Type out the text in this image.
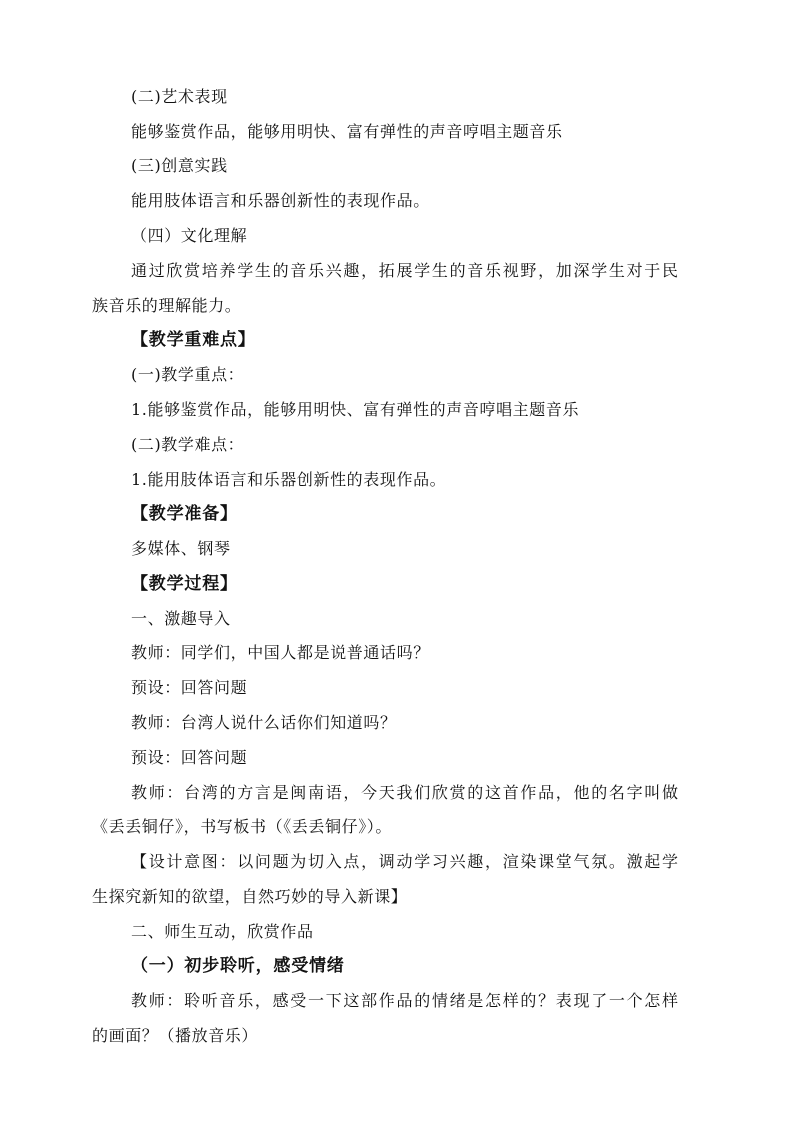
(二)艺术表现
能够鉴赏作品，能够用明快、富有弹性的声音哼唱主题音乐
(三)创意实践
能用肢体语言和乐器创新性的表现作品。
（四）文化理解
通过欣赏培养学生的音乐兴趣，拓展学生的音乐视野，加深学生对于民
族音乐的理解能力。
【教学重难点】
(一)教学重点：
1.能够鉴赏作品，能够用明快、富有弹性的声音哼唱主题音乐
(二)教学难点：
1.能用肢体语言和乐器创新性的表现作品。
【教学准备】
多媒体、钢琴
【教学过程】
一、激趣导入
教师：同学们，中国人都是说普通话吗？
预设：回答问题
教师：台湾人说什么话你们知道吗？
预设：回答问题
教师：台湾的方言是闽南语，今天我们欣赏的这首作品，他的名字叫做
《丢丢铜仔》，书写板书（《丢丢铜仔》）。
【设计意图：以问题为切入点，调动学习兴趣，渲染课堂气氛。激起学
生探究新知的欲望，自然巧妙的导入新课】
二、师生互动，欣赏作品
（一）初步聆听，感受情绪
教师：聆听音乐，感受一下这部作品的情绪是怎样的？表现了一个怎样
的画面？（播放音乐）
